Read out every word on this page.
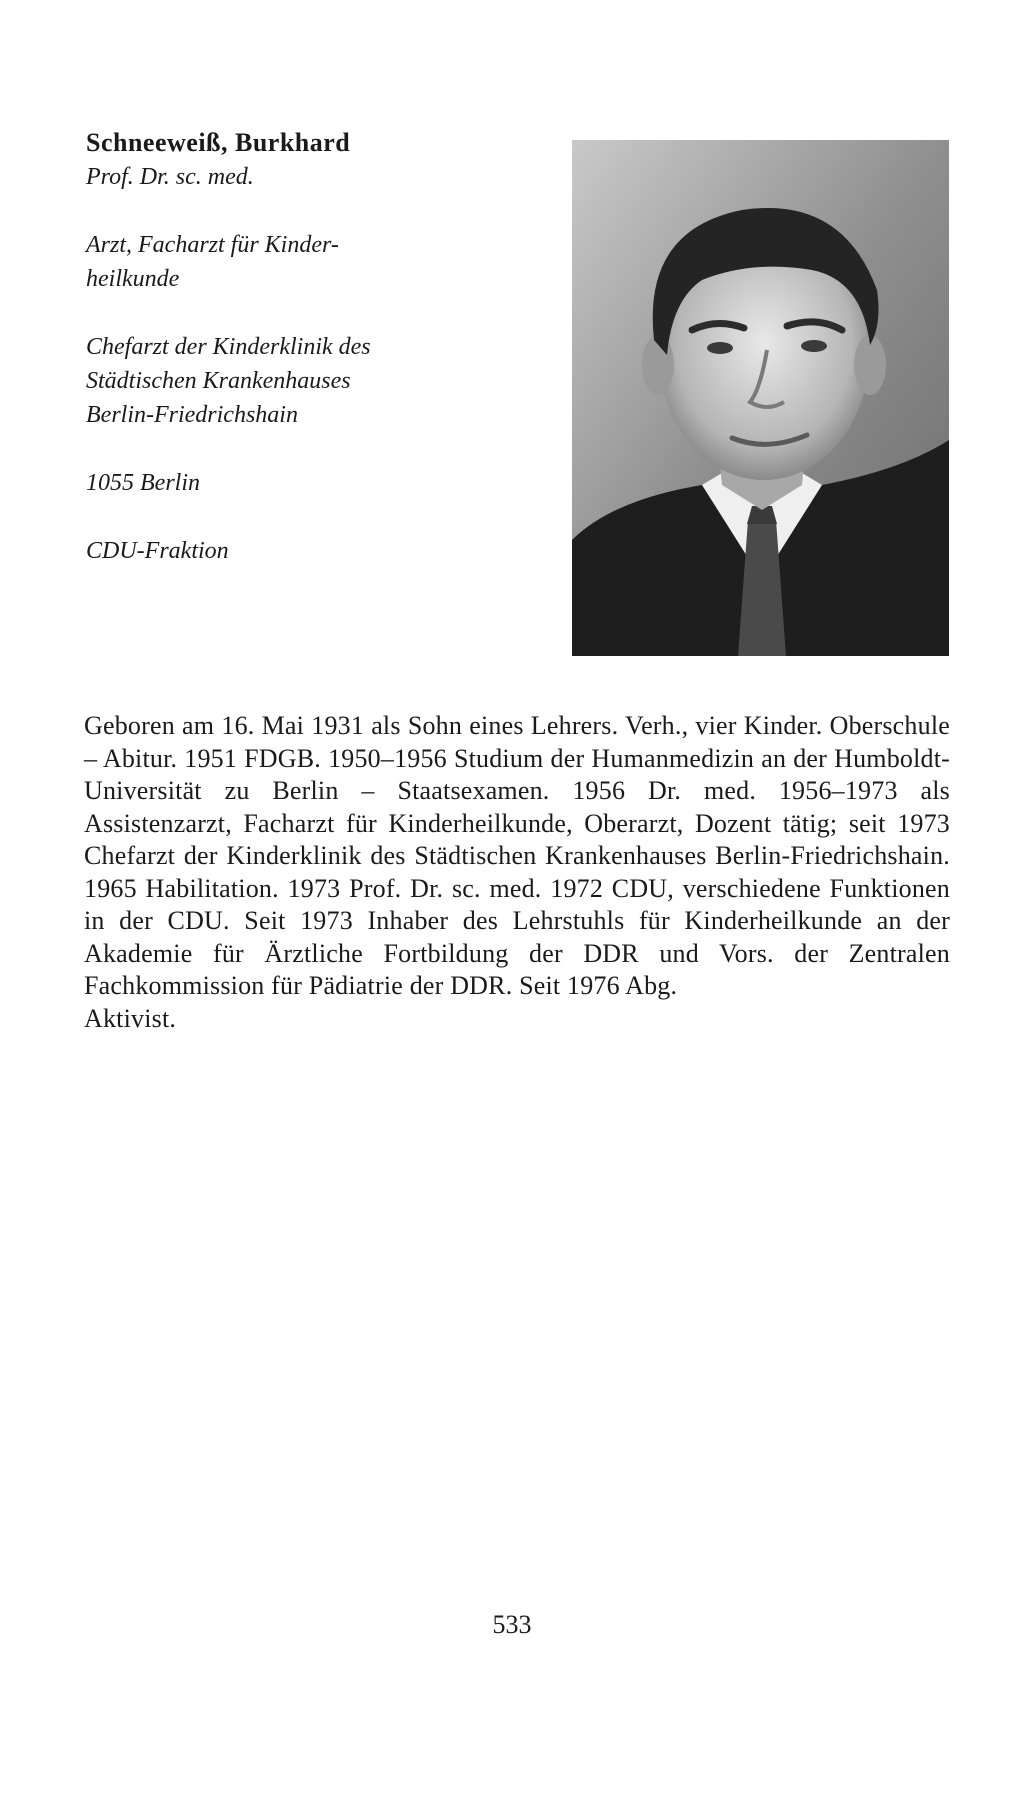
Schneeweiß, Burkhard

Prof. Dr. sc. med.

Arzt, Facharzt für Kinder-

heilkunde

Chefarzt der Kinderklinik des

Städtischen Krankenhauses

Berlin-Friedrichshain

1055 Berlin

CDU-Fraktion

Geboren am 16. Mai 1931 als Sohn eines Lehrers. Verh., vier Kinder. Oberschule – Abitur. 1951 FDGB. 1950–1956 Studium der Humanmedizin an der Humboldt-Universität zu Berlin – Staatsexamen. 1956 Dr. med. 1956–1973 als Assistenzarzt, Facharzt für Kinderheilkunde, Oberarzt, Dozent tätig; seit 1973 Chefarzt der Kinderklinik des Städtischen Krankenhauses Berlin-Friedrichshain. 1965 Habilitation. 1973 Prof. Dr. sc. med. 1972 CDU, verschiedene Funktionen in der CDU. Seit 1973 Inhaber des Lehrstuhls für Kinderheilkunde an der Akademie für Ärztliche Fortbildung der DDR und Vors. der Zentralen Fachkommission für Pädiatrie der DDR. Seit 1976 Abg.

Aktivist.

533
